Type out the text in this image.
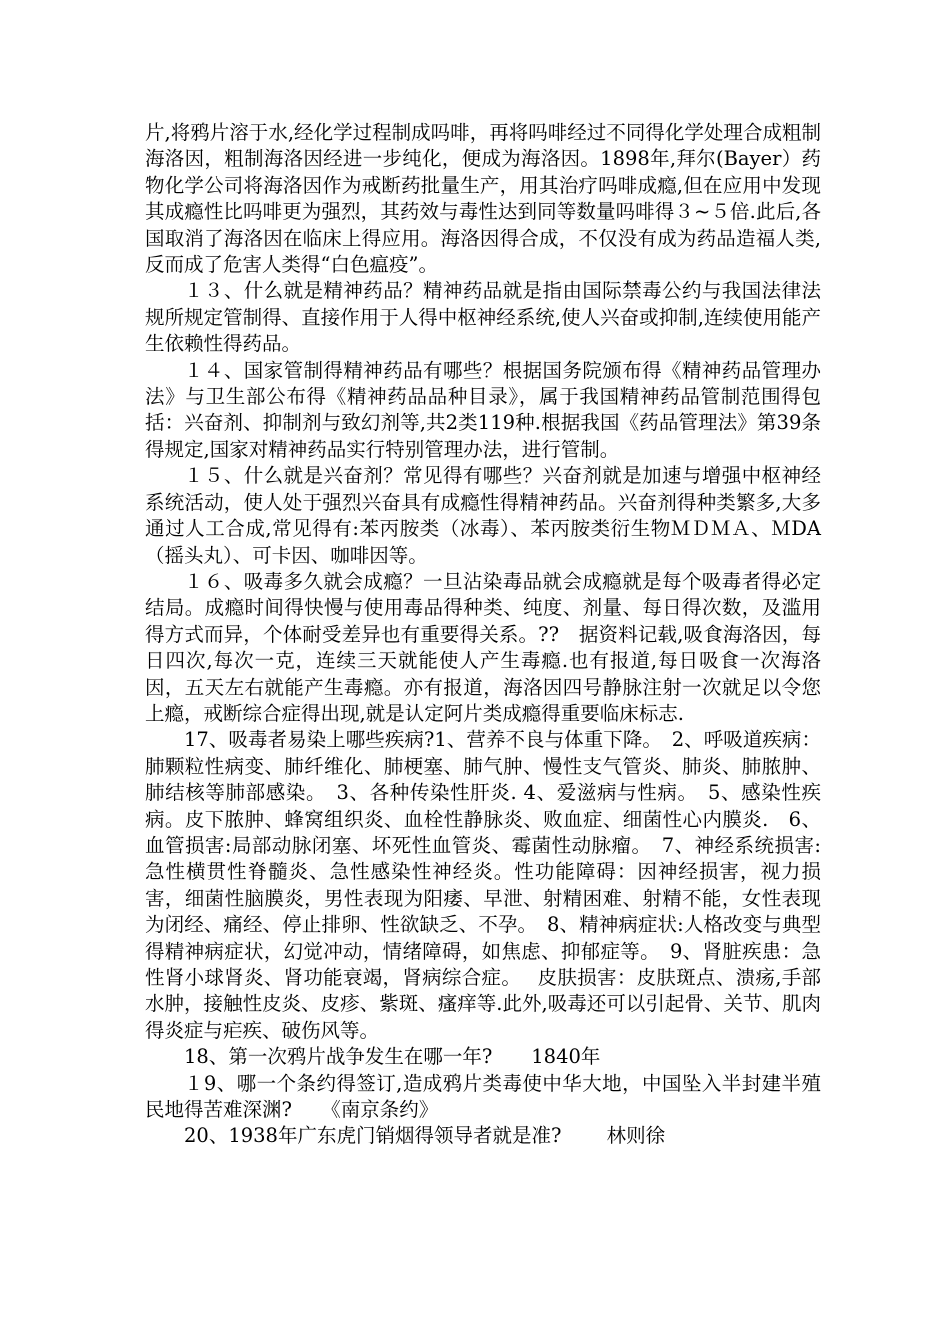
片,将鸦片溶于水,经化学过程制成吗啡，再将吗啡经过不同得化学处理合成粗制海洛因，粗制海洛因经进一步纯化，便成为海洛因。1898年,拜尔(Bayer）药物化学公司将海洛因作为戒断药批量生产，用其治疗吗啡成瘾,但在应用中发现其成瘾性比吗啡更为强烈，其药效与毒性达到同等数量吗啡得３~５倍.此后,各国取消了海洛因在临床上得应用。海洛因得合成，不仅没有成为药品造福人类,反而成了危害人类得“白色瘟疫”。

１３、什么就是精神药品？精神药品就是指由国际禁毒公约与我国法律法规所规定管制得、直接作用于人得中枢神经系统,使人兴奋或抑制,连续使用能产生依赖性得药品。

１４、国家管制得精神药品有哪些？根据国务院颁布得《精神药品管理办法》与卫生部公布得《精神药品品种目录》，属于我国精神药品管制范围得包括：兴奋剂、抑制剂与致幻剂等,共2类119种.根据我国《药品管理法》第39条得规定,国家对精神药品实行特别管理办法，进行管制。

１５、什么就是兴奋剂？常见得有哪些？兴奋剂就是加速与增强中枢神经系统活动，使人处于强烈兴奋具有成瘾性得精神药品。兴奋剂得种类繁多,大多通过人工合成,常见得有:苯丙胺类（冰毒）、苯丙胺类衍生物ＭＤＭＡ、ＭDA（摇头丸）、可卡因、咖啡因等。

１６、吸毒多久就会成瘾？一旦沾染毒品就会成瘾就是每个吸毒者得必定结局。成瘾时间得快慢与使用毒品得种类、纯度、剂量、每日得次数，及滥用得方式而异，个体耐受差异也有重要得关系。??　据资料记载,吸食海洛因，每日四次,每次一克，连续三天就能使人产生毒瘾.也有报道,每日吸食一次海洛因，五天左右就能产生毒瘾。亦有报道，海洛因四号静脉注射一次就足以令您上瘾，戒断综合症得出现,就是认定阿片类成瘾得重要临床标志.

17、吸毒者易染上哪些疾病?1、营养不良与体重下降。　2、呼吸道疾病：肺颗粒性病变、肺纤维化、肺梗塞、肺气肿、慢性支气管炎、肺炎、肺脓肿、肺结核等肺部感染。　3、各种传染性肝炎. 4、爱滋病与性病。　5、感染性疾病。皮下脓肿、蜂窝组织炎、血栓性静脉炎、败血症、细菌性心内膜炎.　6、血管损害:局部动脉闭塞、坏死性血管炎、霉菌性动脉瘤。　7、神经系统损害:急性横贯性脊髓炎、急性感染性神经炎。性功能障碍：因神经损害，视力损害，细菌性脑膜炎，男性表现为阳痿、早泄、射精困难、射精不能，女性表现为闭经、痛经、停止排卵、性欲缺乏、不孕。　8、精神病症状:人格改变与典型得精神病症状，幻觉冲动，情绪障碍，如焦虑、抑郁症等。　9、肾脏疾患：急性肾小球肾炎、肾功能衰竭，肾病综合症。　 皮肤损害：皮肤斑点、溃疡,手部水肿，接触性皮炎、皮疹、紫斑、瘙痒等.此外,吸毒还可以引起骨、关节、肌肉得炎症与疟疾、破伤风等。

18、第一次鸦片战争发生在哪一年?　　1840年

１9、哪一个条约得签订,造成鸦片类毒使中华大地，中国坠入半封建半殖民地得苦难深渊?　　《南京条约》

20、1938年广东虎门销烟得领导者就是准?　　 林则徐
